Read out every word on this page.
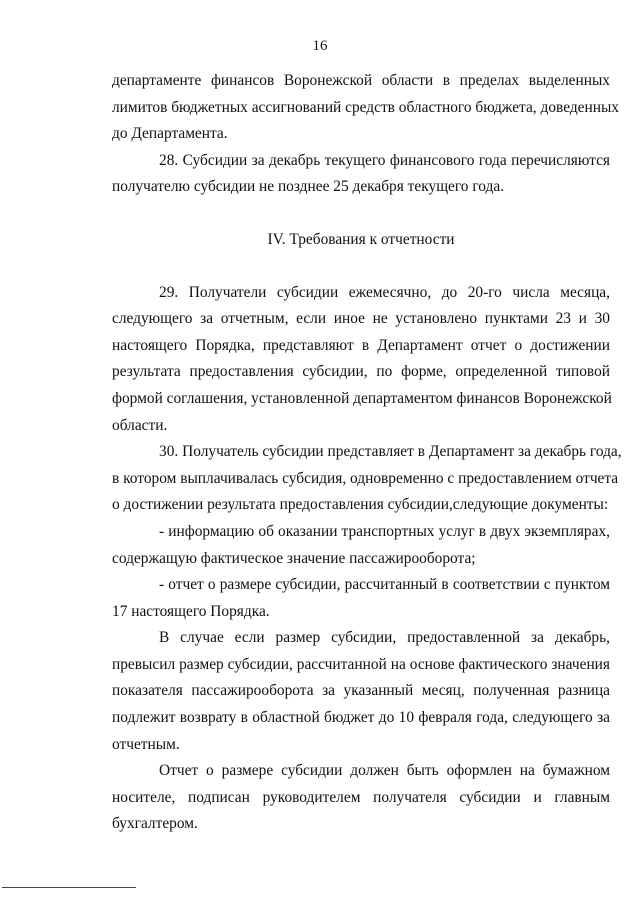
16
департаменте финансов Воронежской области в пределах выделенных
лимитов бюджетных ассигнований средств областного бюджета, доведенных
до Департамента.
28. Субсидии за декабрь текущего финансового года перечисляются
получателю субсидии не позднее 25 декабря текущего года.
IV. Требования к отчетности
29. Получатели субсидии ежемесячно, до 20-го числа месяца,
следующего за отчетным, если иное не установлено пунктами 23 и 30
настоящего Порядка, представляют в Департамент отчет о достижении
результата предоставления субсидии, по форме, определенной типовой
формой соглашения, установленной департаментом финансов Воронежской
области.
30. Получатель субсидии представляет в Департамент за декабрь года,
в котором выплачивалась субсидия, одновременно с предоставлением отчета
о достижении результата предоставления субсидии,следующие документы:
- информацию об оказании транспортных услуг в двух экземплярах,
содержащую фактическое значение пассажирооборота;
- отчет о размере субсидии, рассчитанный в соответствии с пунктом
17 настоящего Порядка.
В случае если размер субсидии, предоставленной за декабрь,
превысил размер субсидии, рассчитанной на основе фактического значения
показателя пассажирооборота за указанный месяц, полученная разница
подлежит возврату в областной бюджет до 10 февраля года, следующего за
отчетным.
Отчет о размере субсидии должен быть оформлен на бумажном
носителе, подписан руководителем получателя субсидии и главным
бухгалтером.
